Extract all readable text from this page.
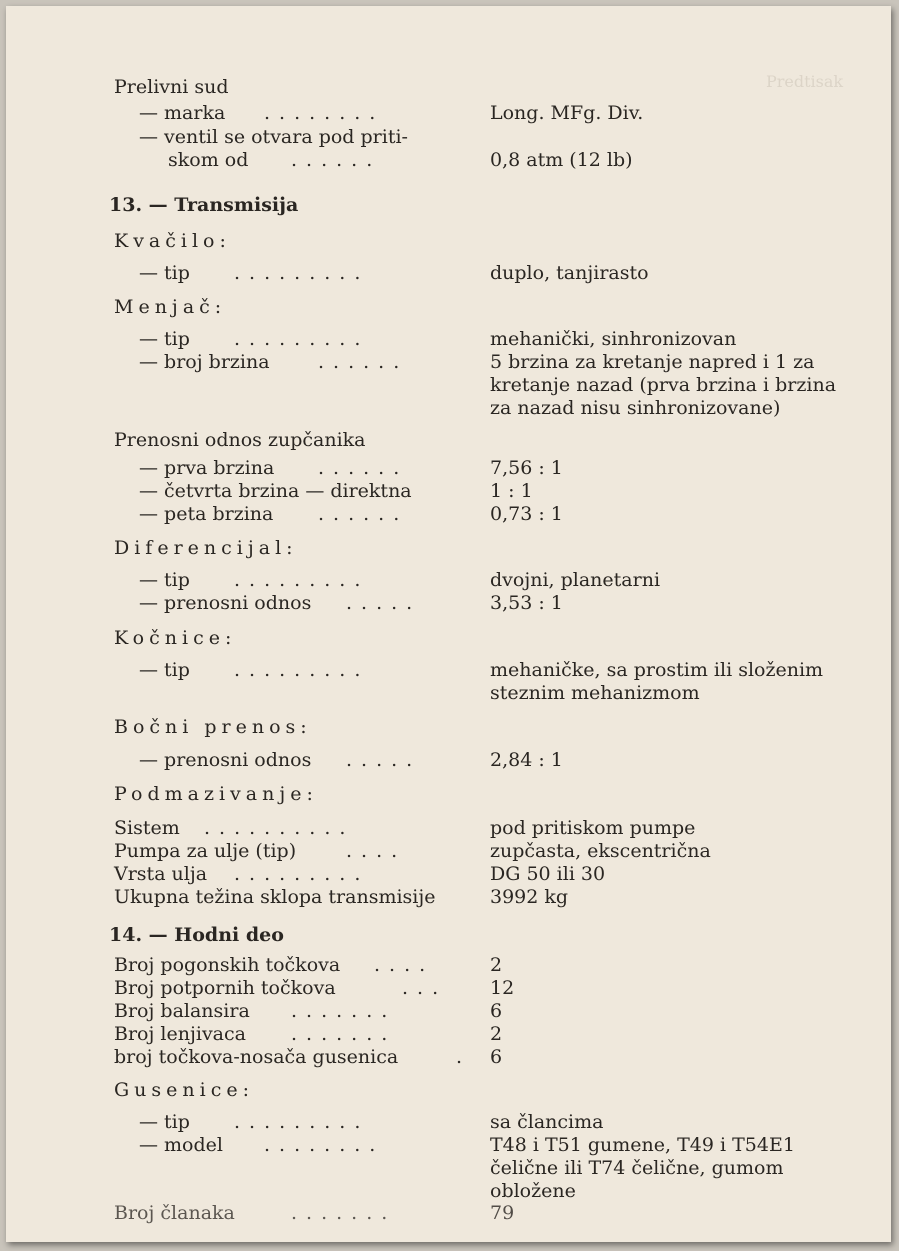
Predtisak
Prelivni sud
— marka ........	Long. MFg. Div.
— ventil se otvara pod priti-
skom od ......	0,8 atm (12 lb)
13. — Transmisija
Kvačilo:
— tip .........	duplo, tanjirasto
Menjač:
— tip .........	mehanički, sinhronizovan
— broj brzina	......	5 brzina za kretanje napred i 1 za
kretanje nazad (prva brzina i brzina
za nazad nisu sinhronizovane)
Prenosni odnos zupčanika
— prva brzina ......	7,56 : 1
— četvrta brzina — direktna	1 : 1
— peta brzina ......	0,73 : 1
Diferencijal:
— tip .........	dvojni, planetarni
— prenosni odnos .....	3,53 : 1
Kočnice:
— tip .........	mehaničke, sa prostim ili složenim
steznim mehanizmom
Bočni prenos:
— prenosni odnos .....	2,84 : 1
Podmazivanje:
Sistem ..........	pod pritiskom pumpe
Pumpa za ulje (tip)	....	zupčasta, ekscentrična
Vrsta ulja .........	DG 50 ili 30
Ukupna težina sklopa transmisije	3992 kg
14. — Hodni deo
Broj pogonskih točkova ....	2
Broj potpornih točkova	... 12
Broj balansira .......	6
Broj lenjivaca .......	2
broj točkova-nosača gusenica	. 6
Gusenice:
— tip .........	sa člancima
— model ........	T48 i T51 gumene, T49 i T54E1
čelične ili T74 čelične, gumom
obložene
Broj članaka	.......	79
